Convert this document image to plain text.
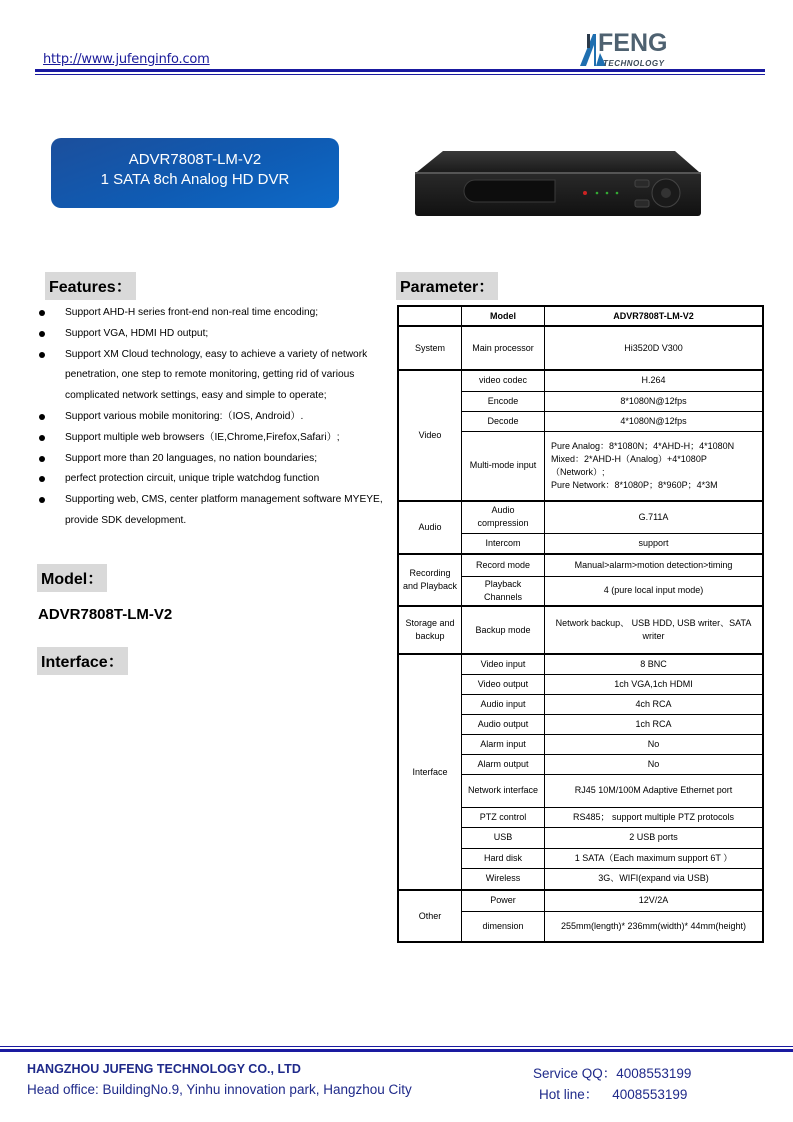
http://www.jufenginfo.com
FENG
TECHNOLOGY
ADVR7808T-LM-V2
1 SATA 8ch Analog HD DVR
Features：
Support AHD-H series front-end non-real time encoding;
Support VGA, HDMI HD output;
Support XM Cloud technology, easy to achieve a variety of network penetration, one step to remote monitoring, getting rid of various complicated network settings, easy and simple to operate;
Support various mobile monitoring:（IOS, Android）.
Support multiple web browsers（IE,Chrome,Firefox,Safari）;
Support more than 20 languages, no nation boundaries;
perfect protection circuit, unique triple watchdog function
Supporting web, CMS, center platform management software MYEYE, provide SDK development.
Model：
ADVR7808T-LM-V2
Interface：
Parameter：
	Model	ADVR7808T-LM-V2
System	Main processor	Hi3520D V300
Video	video codec	H.264
	Encode	8*1080N@12fps
	Decode	4*1080N@12fps
	Multi-mode input	Pure Analog：8*1080N；4*AHD-H；4*1080N
Mixed：2*AHD-H（Analog）+4*1080P
（Network）;
Pure Network：8*1080P；8*960P；4*3M

Audio	Audio compression	G.711A
	Intercom	support
Recording and Playback	Record mode	Manual>alarm>motion detection>timing
	Playback Channels	4 (pure local input mode)
Storage and backup	Backup mode	Network backup、 USB HDD, USB writer、SATA writer
Interface	Video input	8 BNC
	Video output	1ch VGA,1ch HDMI
	Audio input	4ch RCA
	Audio output	1ch RCA
	Alarm input	No
	Alarm output	No
	Network interface	RJ45 10M/100M Adaptive Ethernet port
	PTZ control	RS485； support multiple PTZ protocols
	USB	2 USB ports
	Hard disk	1 SATA（Each maximum support 6T ）
	Wireless	3G、WIFI(expand via USB)
Other	Power	12V/2A
	dimension	255mm(length)* 236mm(width)* 44mm(height)
HANGZHOU JUFENG TECHNOLOGY CO., LTD
Head office: BuildingNo.9, Yinhu innovation park, Hangzhou City
Service QQ：4008553199
Hot line： 4008553199
